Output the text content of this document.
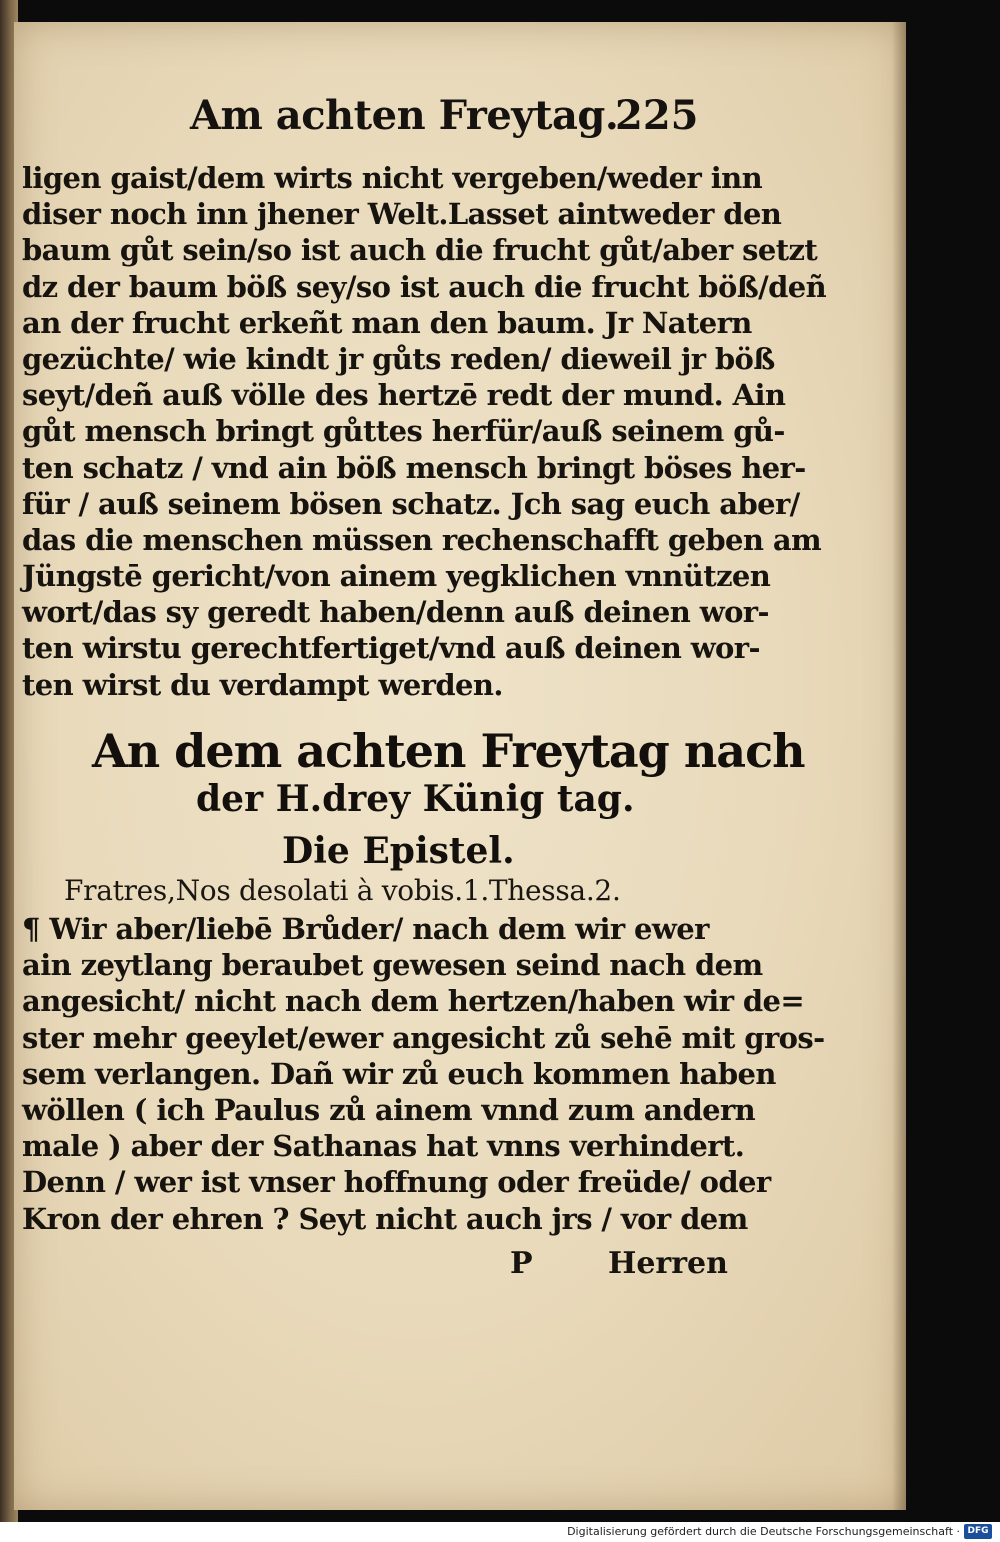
Am achten Freytag.
225
ligen gaist/dem wirts nicht vergeben/weder inn
diser noch inn jhener Welt.Lasset aintweder den
baum gůt sein/so ist auch die frucht gůt/aber setzt
dz der baum böß sey/so ist auch die frucht böß/deñ
an der frucht erkeñt man den baum. Jr Natern
gezüchte/ wie kindt jr gůts reden/ dieweil jr böß
seyt/deñ auß völle des hertzē redt der mund. Ain
gůt mensch bringt gůttes herfür/auß seinem gů-
ten schatz / vnd ain böß mensch bringt böses her-
für / auß seinem bösen schatz. Jch sag euch aber/
das die menschen müssen rechenschafft geben am
Jüngstē gericht/von ainem yegklichen vnnützen
wort/das sy geredt haben/denn auß deinen wor-
ten wirstu gerechtfertiget/vnd auß deinen wor-
ten wirst du verdampt werden.
An dem achten Freytag nach
der H.drey Künig tag.
Die Epistel.
Fratres,Nos desolati à vobis.1.Thessa.2.
¶ Wir aber/liebē Brůder/ nach dem wir ewer
ain zeytlang beraubet gewesen seind nach dem
angesicht/ nicht nach dem hertzen/haben wir de=
ster mehr geeylet/ewer angesicht zů sehē mit gros-
sem verlangen. Dañ wir zů euch kommen haben
wöllen ( ich Paulus zů ainem vnnd zum andern
male ) aber der Sathanas hat vnns verhindert.
Denn / wer ist vnser hoffnung oder freüde/ oder
Kron der ehren ? Seyt nicht auch jrs / vor dem
P	Herren
Digitalisierung gefördert durch die Deutsche Forschungsgemeinschaft · DFG
